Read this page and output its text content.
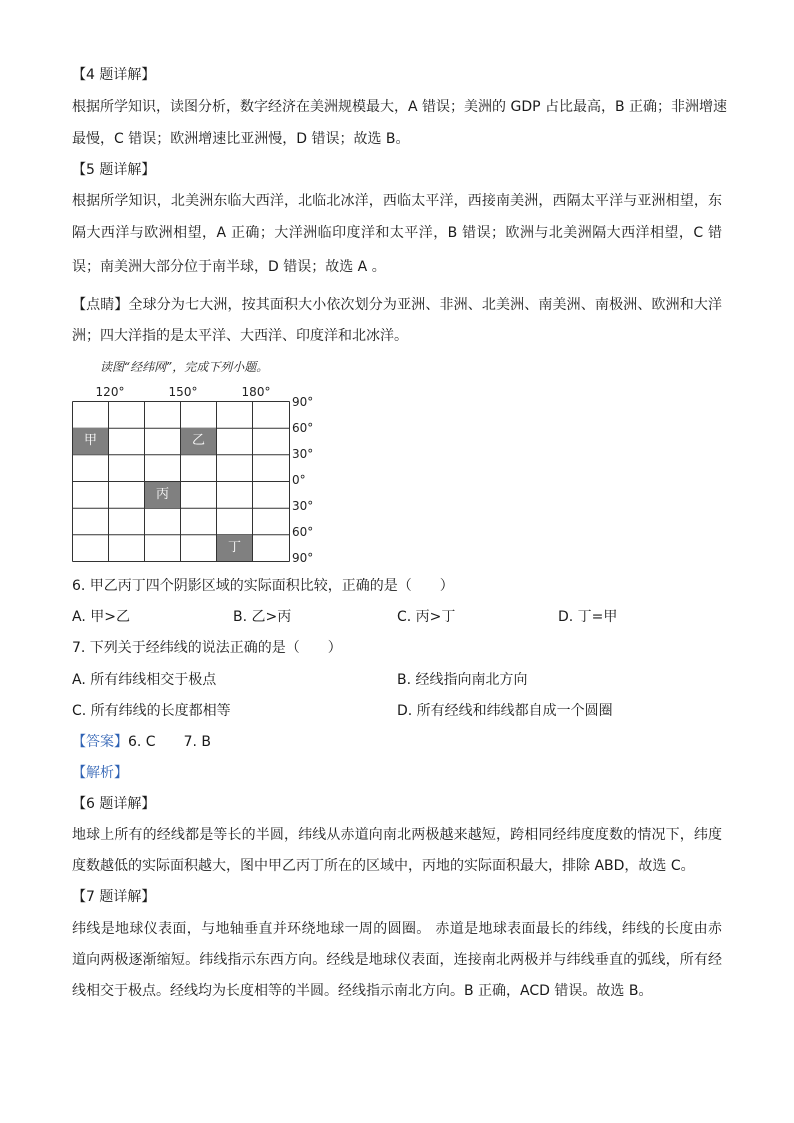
【4 题详解】
根据所学知识，读图分析，数字经济在美洲规模最大，A 错误；美洲的 GDP 占比最高，B 正确；非洲增速
最慢，C 错误；欧洲增速比亚洲慢，D 错误；故选 B。
【5 题详解】
根据所学知识，北美洲东临大西洋，北临北冰洋，西临太平洋，西接南美洲，西隔太平洋与亚洲相望，东
隔大西洋与欧洲相望，A 正确；大洋洲临印度洋和太平洋，B 错误；欧洲与北美洲隔大西洋相望，C 错
误；南美洲大部分位于南半球，D 错误；故选 A 。
【点睛】全球分为七大洲，按其面积大小依次划分为亚洲、非洲、北美洲、南美洲、南极洲、欧洲和大洋
洲；四大洋指的是太平洋、大西洋、印度洋和北冰洋。
读图“经纬网”，完成下列小题。
120°	150°	180°
甲	乙
丙
丁
90°
60°
30°
0°
30°
60°
90°
6. 甲乙丙丁四个阴影区域的实际面积比较，正确的是（　　）
A. 甲>乙	B. 乙>丙	C. 丙>丁	D. 丁=甲
7. 下列关于经纬线的说法正确的是（　　）
A. 所有纬线相交于极点	B. 经线指向南北方向
C. 所有纬线的长度都相等	D. 所有经线和纬线都自成一个圆圈
【答案】6. C　　7. B
【解析】
【6 题详解】
地球上所有的经线都是等长的半圆，纬线从赤道向南北两极越来越短，跨相同经纬度度数的情况下，纬度
度数越低的实际面积越大，图中甲乙丙丁所在的区域中，丙地的实际面积最大，排除 ABD，故选 C。
【7 题详解】
纬线是地球仪表面，与地轴垂直并环绕地球一周的圆圈。 赤道是地球表面最长的纬线，纬线的长度由赤
道向两极逐渐缩短。纬线指示东西方向。经线是地球仪表面，连接南北两极并与纬线垂直的弧线，所有经
线相交于极点。经线均为长度相等的半圆。经线指示南北方向。B 正确，ACD 错误。故选 B。
